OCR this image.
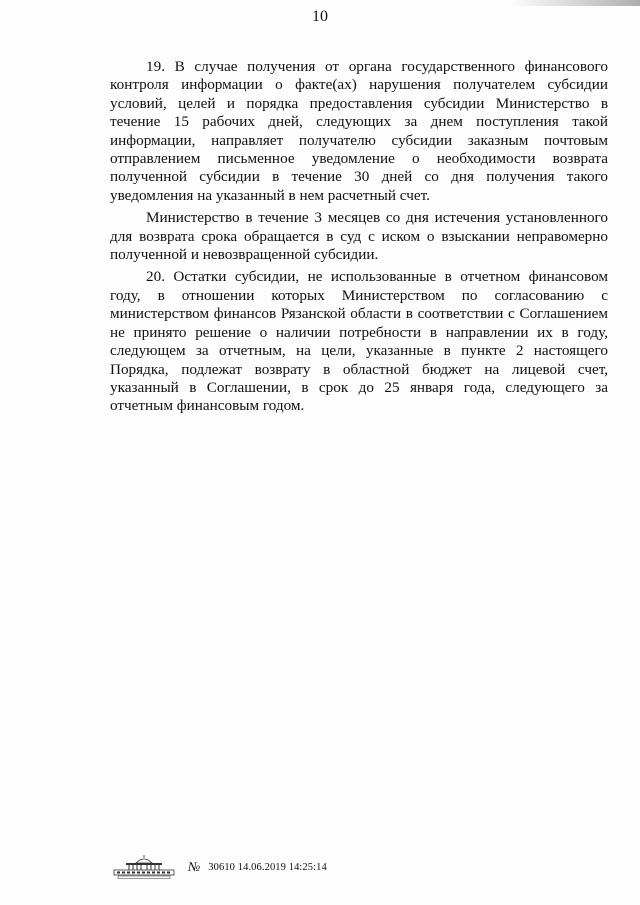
10

19. В случае получения от органа государственного финансового контроля информации о факте(ах) нарушения получателем субсидии условий, целей и порядка предоставления субсидии Министерство в течение 15 рабочих дней, следующих за днем поступления такой информации, направляет получателю субсидии заказным почтовым отправлением письменное уведомление о необходимости возврата полученной субсидии в течение 30 дней со дня получения такого уведомления на указанный в нем расчетный счет.

Министерство в течение 3 месяцев со дня истечения установленного для возврата срока обращается в суд с иском о взыскании неправомерно полученной и невозвращенной субсидии.

20. Остатки субсидии, не использованные в отчетном финансовом году, в отношении которых Министерством по согласованию с министерством финансов Рязанской области в соответствии с Соглашением не принято решение о наличии потребности в направлении их в году, следующем за отчетным, на цели, указанные в пункте 2 настоящего Порядка, подлежат возврату в областной бюджет на лицевой счет, указанный в Соглашении, в срок до 25 января года, следующего за отчетным финансовым годом.

№ 30610 14.06.2019 14:25:14
